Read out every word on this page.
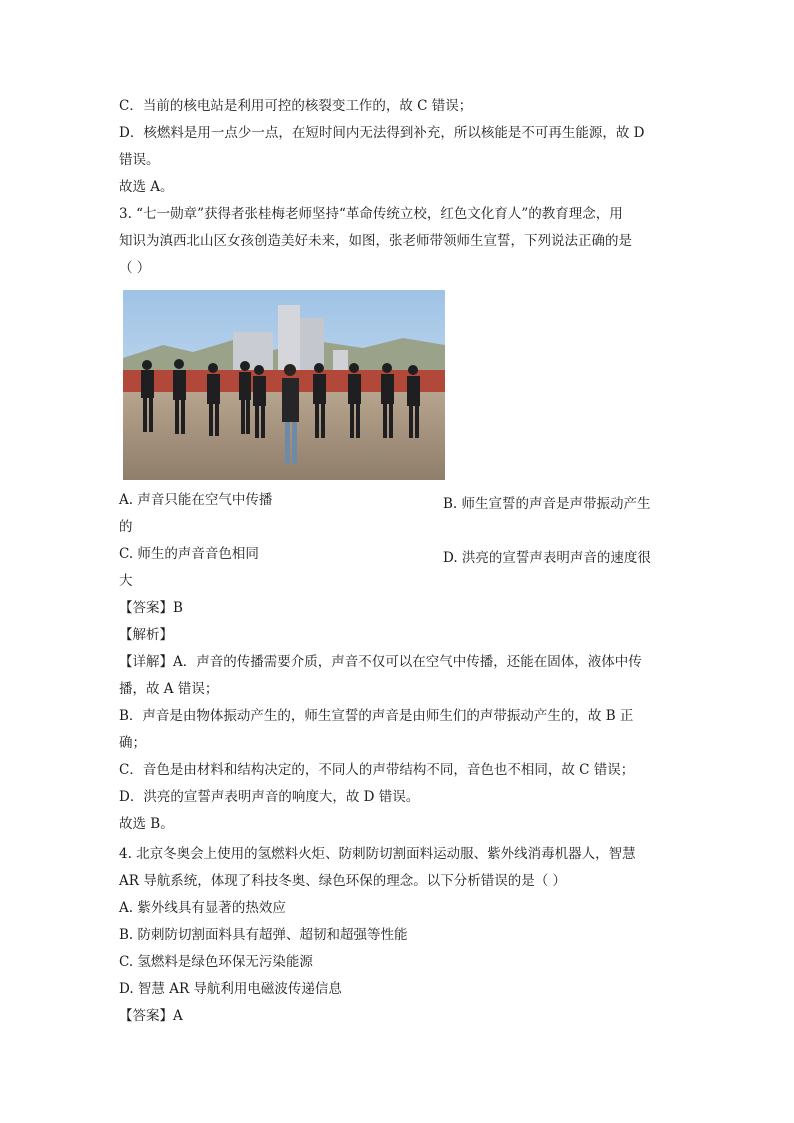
C．当前的核电站是利用可控的核裂变工作的，故 C 错误；
D．核燃料是用一点少一点，在短时间内无法得到补充，所以核能是不可再生能源，故 D
错误。
故选 A。
3. “七一勋章”获得者张桂梅老师坚持“革命传统立校，红色文化育人”的教育理念，用
知识为滇西北山区女孩创造美好未来，如图，张老师带领师生宣誓，下列说法正确的是
（ ）
A. 声音只能在空气中传播	B. 师生宣誓的声音是声带振动产生
的
C. 师生的声音音色相同	D. 洪亮的宣誓声表明声音的速度很
大
【答案】B
【解析】
【详解】A．声音的传播需要介质，声音不仅可以在空气中传播，还能在固体，液体中传
播，故 A 错误；
B．声音是由物体振动产生的，师生宣誓的声音是由师生们的声带振动产生的，故 B 正
确；
C．音色是由材料和结构决定的，不同人的声带结构不同，音色也不相同，故 C 错误；
D．洪亮的宣誓声表明声音的响度大，故 D 错误。
故选 B。
4. 北京冬奥会上使用的氢燃料火炬、防刺防切割面料运动服、紫外线消毒机器人，智慧
AR 导航系统，体现了科技冬奥、绿色环保的理念。以下分析错误的是（ ）
A. 紫外线具有显著的热效应
B. 防刺防切割面料具有超弹、超韧和超强等性能
C. 氢燃料是绿色环保无污染能源
D. 智慧 AR 导航利用电磁波传递信息
【答案】A
